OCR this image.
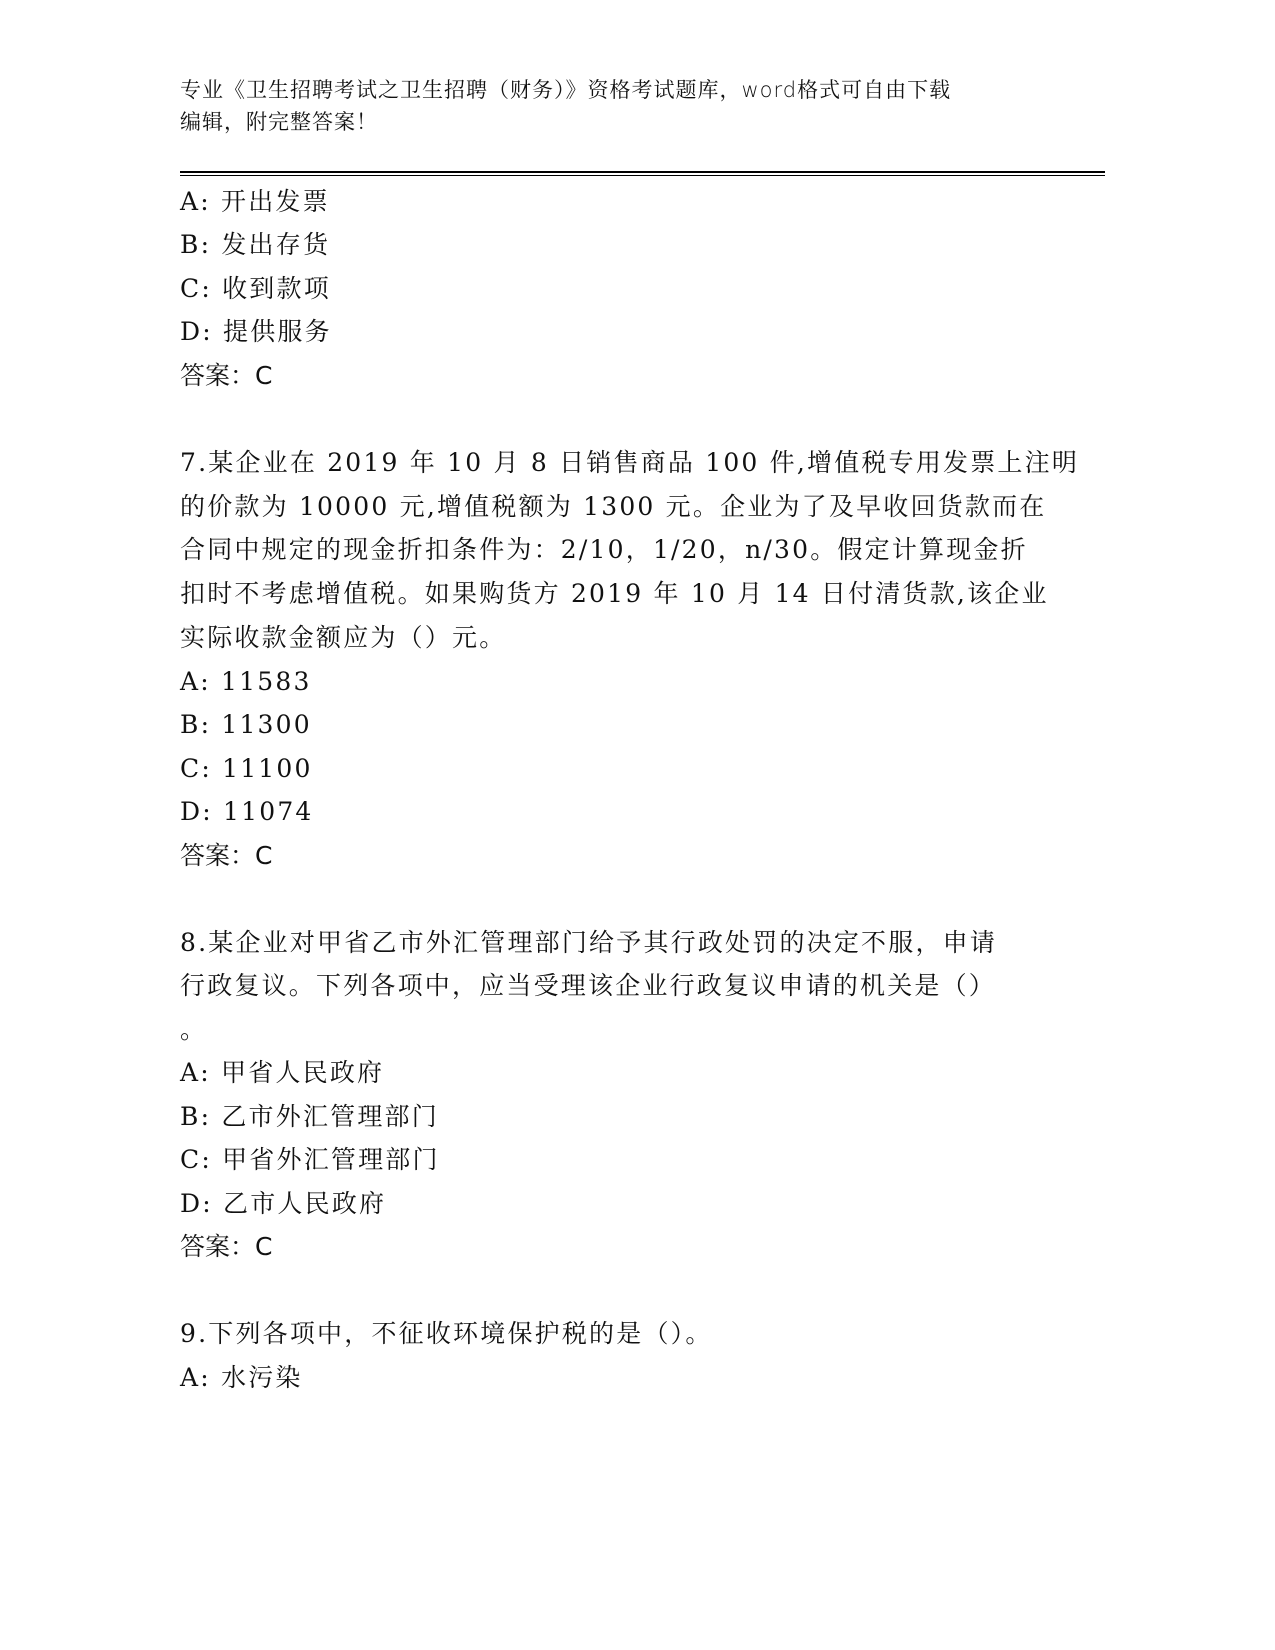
专业《卫生招聘考试之卫生招聘（财务）》资格考试题库，word格式可自由下载
编辑，附完整答案！
A: 开出发票
B: 发出存货
C: 收到款项
D: 提供服务
答案：C
7.某企业在 2019 年 10 月 8 日销售商品 100 件,增值税专用发票上注明
的价款为 10000 元,增值税额为 1300 元。企业为了及早收回货款而在
合同中规定的现金折扣条件为：2/10，1/20，n/30。假定计算现金折
扣时不考虑增值税。如果购货方 2019 年 10 月 14 日付清货款,该企业
实际收款金额应为（）元。
A: 11583
B: 11300
C: 11100
D: 11074
答案：C
8.某企业对甲省乙市外汇管理部门给予其行政处罚的决定不服，申请
行政复议。下列各项中，应当受理该企业行政复议申请的机关是（）
。
A: 甲省人民政府
B: 乙市外汇管理部门
C: 甲省外汇管理部门
D: 乙市人民政府
答案：C
9.下列各项中，不征收环境保护税的是（）。
A: 水污染
